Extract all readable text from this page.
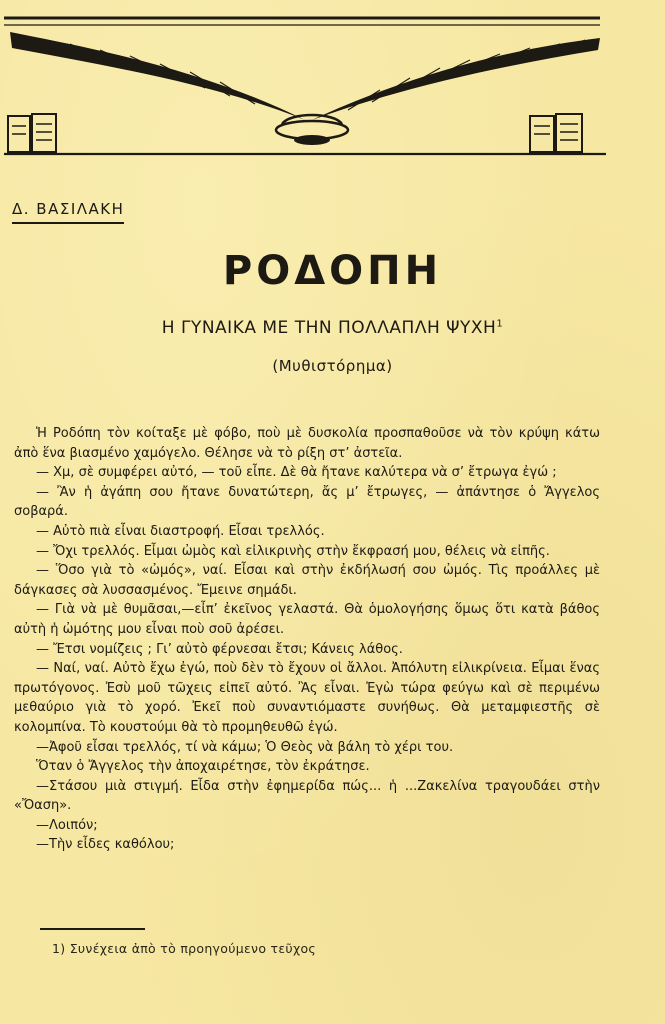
Δ. ΒΑΣΙΛΑΚΗ
ΡΟΔΟΠΗ
Η ΓΥΝΑΙΚΑ ΜΕ ΤΗΝ ΠΟΛΛΑΠΛΗ ΨΥΧΗ$^1$
(Μυθιστόρημα)

Ἡ Ροδόπη τὸν κοίταξε μὲ φόβο, ποὺ μὲ δυσκολία προσπαθοῦσε νὰ τὸν κρύψη κάτω ἀπὸ ἕνα βιασμένο χαμόγελο. Θέλησε νὰ τὸ ρίξη στ’ ἀστεῖα.

— Χμ, σὲ συμφέρει αὐτό, — τοῦ εἶπε. Δὲ θὰ ἤτανε καλύτερα νὰ σ’ ἔτρωγα ἐγώ ;

— Ἂν ἡ ἀγάπη σου ἤτανε δυνατώτερη, ἄς μ’ ἔτρωγες, — ἀπάντησε ὁ Ἄγγελος σοβαρά.

— Αὐτὸ πιὰ εἶναι διαστροφή. Εἶσαι τρελλός.

— Ὄχι τρελλός. Εἶμαι ὠμὸς καὶ εἰλικρινὴς στὴν ἔκφρασή μου, θέλεις νὰ εἰπῆς.

— Ὅσο γιὰ τὸ «ὠμός», ναί. Εἶσαι καὶ στὴν ἐκδήλωσή σου ὠμός. Τὶς προάλλες μὲ δάγκασες σὰ λυσσασμένος. Ἔμεινε σημάδι.

— Γιὰ νὰ μὲ θυμᾶσαι,—εἶπ’ ἐκεῖνος γελαστά. Θὰ ὁμολογήσης ὅμως ὅτι κατὰ βάθος αὐτὴ ἡ ὠμότης μου εἶναι ποὺ σοῦ ἀρέσει.

— Ἔτσι νομίζεις ; Γι’ αὐτὸ φέρνεσαι ἔτσι; Κάνεις λάθος.

— Ναί, ναί. Αὐτὸ ἔχω ἐγώ, ποὺ δὲν τὸ ἔχουν οἱ ἄλλοι. Ἀπόλυτη εἰλικρίνεια. Εἶμαι ἕνας πρωτόγονος. Ἐσὺ μοῦ τῶχεις εἰπεῖ αὐτό. Ἂς εἶναι. Ἐγὼ τώρα φεύγω καὶ σὲ περιμένω μεθαύριο γιὰ τὸ χορό. Ἐκεῖ ποὺ συναντιόμαστε συνήθως. Θὰ μεταμφιεστῆς σὲ κολομπίνα. Τὸ κουστούμι θὰ τὸ προμηθευθῶ ἐγώ.

—Ἀφοῦ εἶσαι τρελλός, τί νὰ κάμω; Ὁ Θεὸς νὰ βάλη τὸ χέρι του.

Ὅταν ὁ Ἄγγελος τὴν ἀποχαιρέτησε, τὸν ἐκράτησε.

—Στάσου μιὰ στιγμή. Εἶδα στὴν ἐφημερίδα πώς... ἡ ...Ζακελίνα τραγουδάει στὴν «Ὄαση».

—Λοιπόν;

—Τὴν εἶδες καθόλου;

1) Συνέχεια ἀπὸ τὸ προηγούμενο τεῦχος
